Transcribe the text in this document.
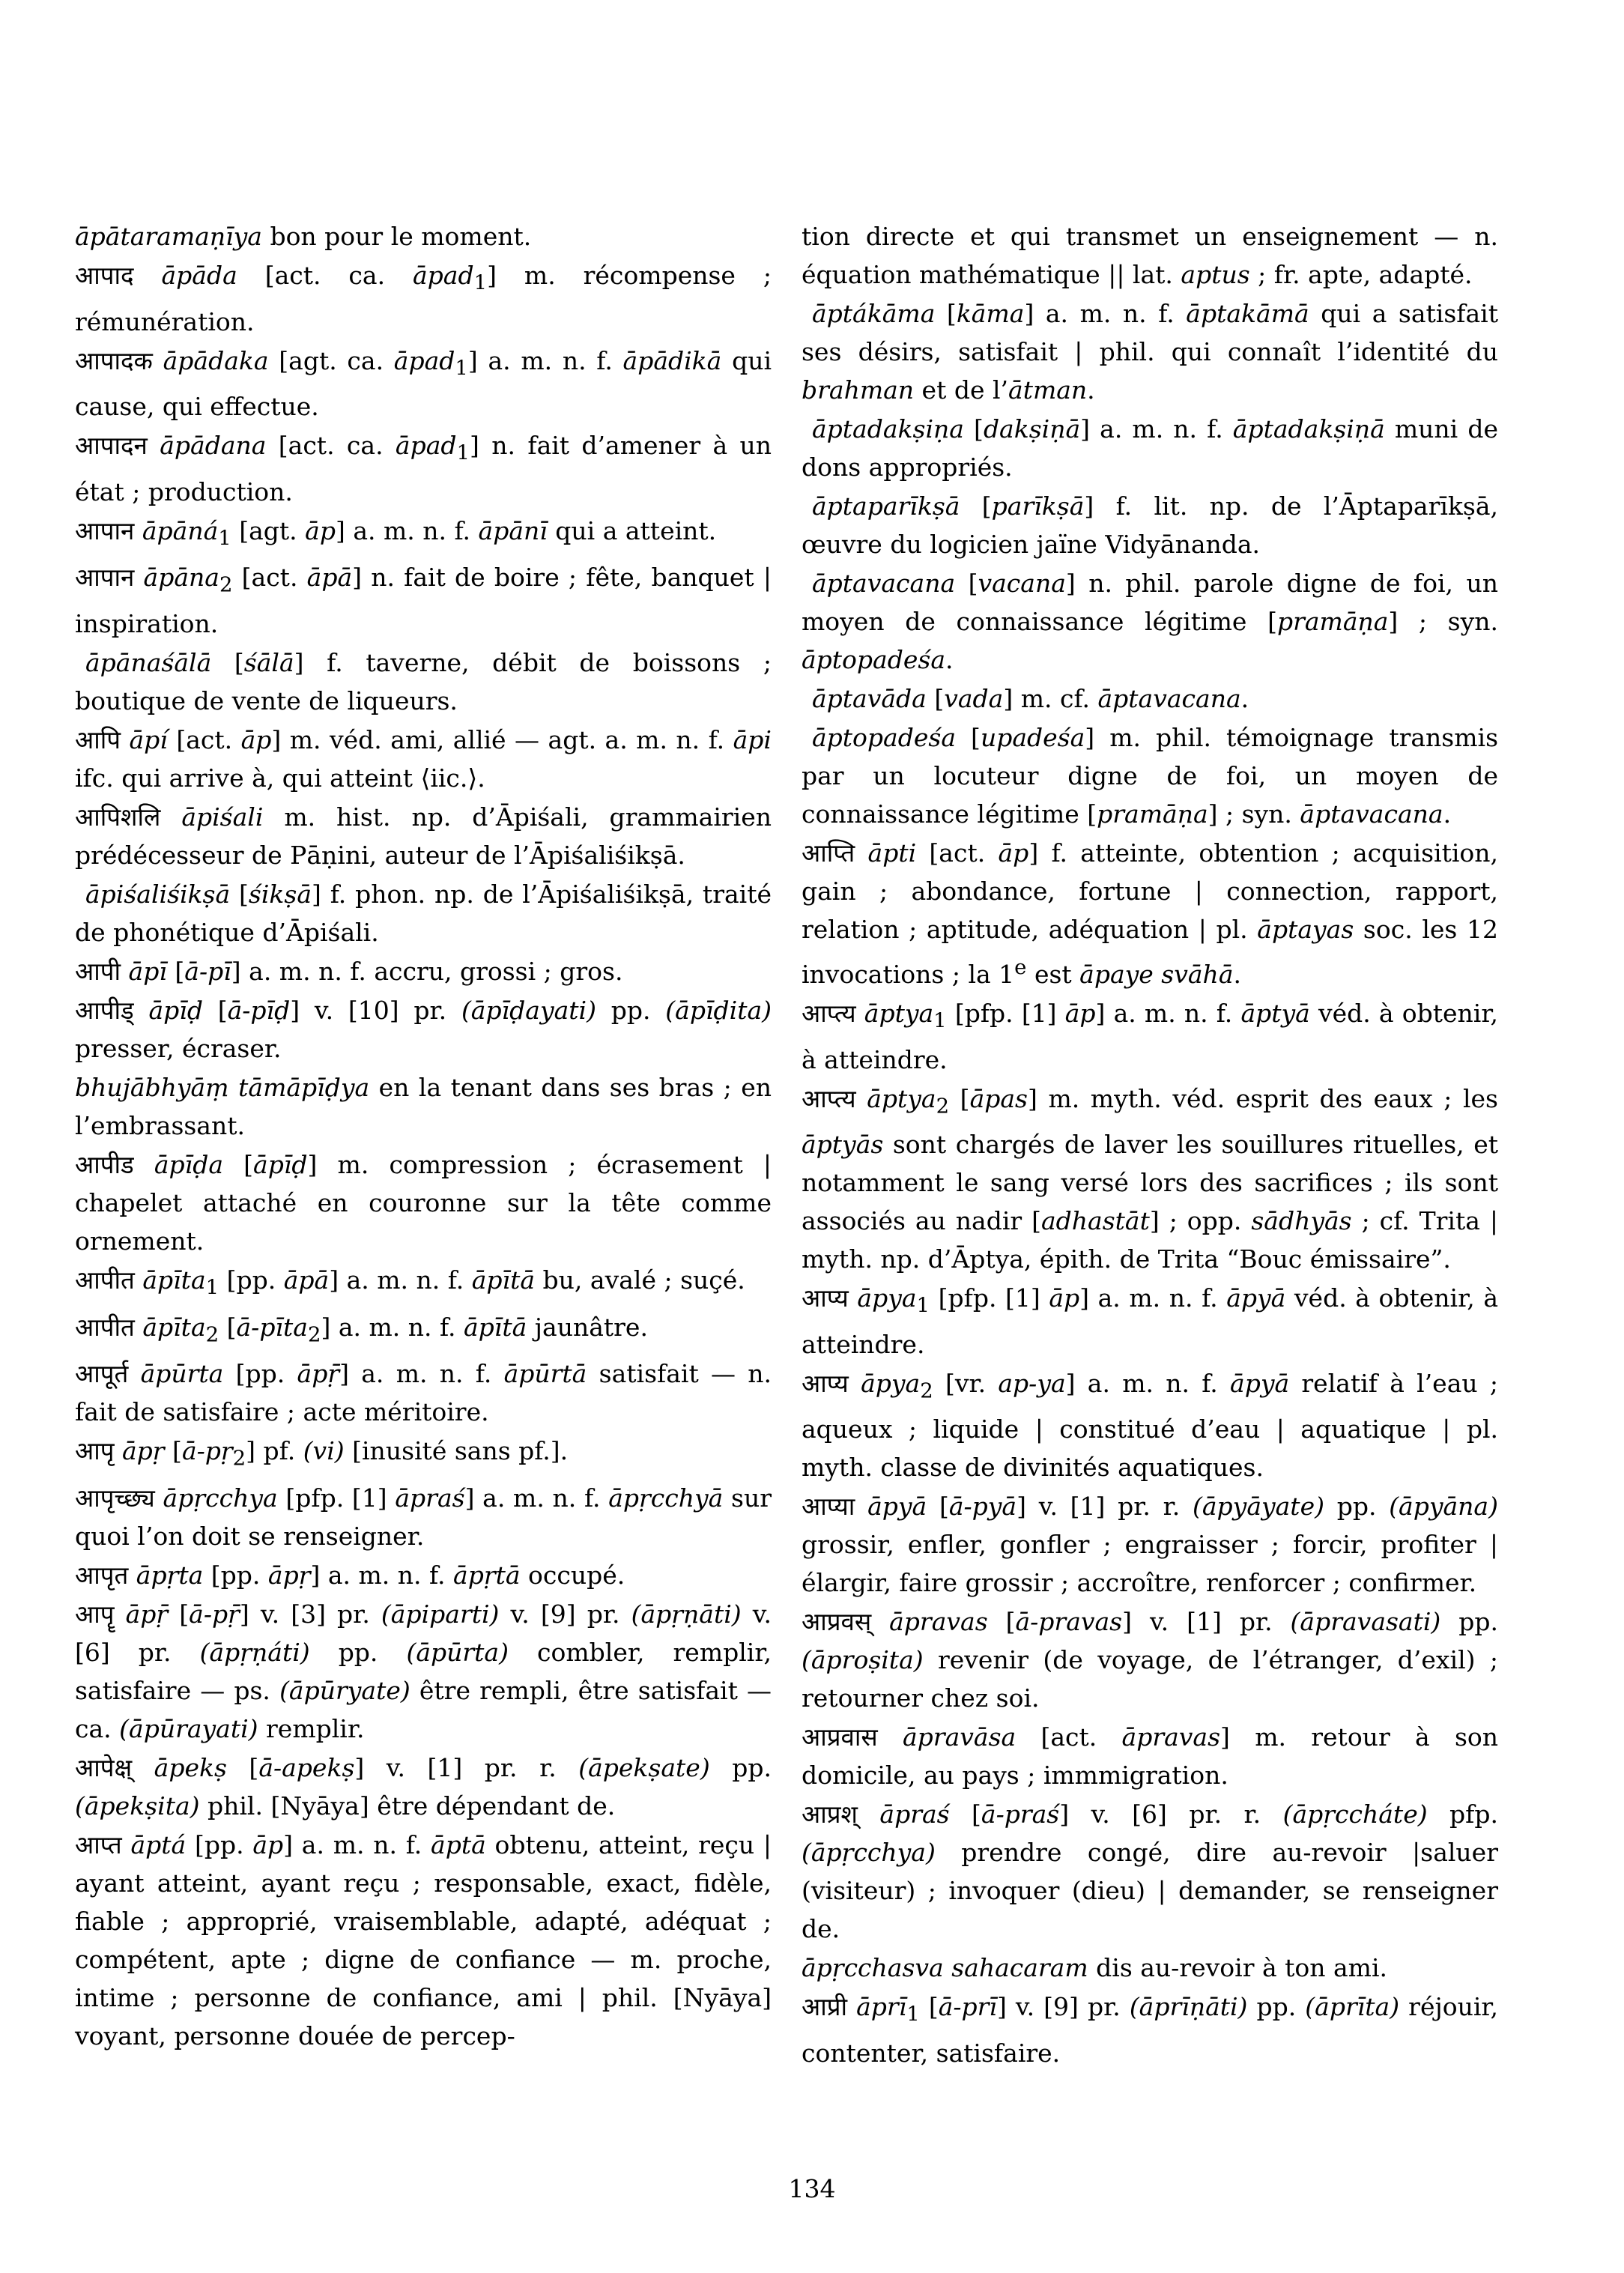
āpātaramaṇīya bon pour le moment.
आपाद āpāda [act. ca. āpad$_1$] m. récompense ; rémunération.
आपादक āpādaka [agt. ca. āpad$_1$] a. m. n. f. āpādikā qui cause, qui effectue.
आपादन āpādana [act. ca. āpad$_1$] n. fait d’amener à un état ; production.
आपान āpāná$_1$ [agt. āp] a. m. n. f. āpānī qui a atteint.
आपान āpāna$_2$ [act. āpā] n. fait de boire ; fête, banquet | inspiration.
āpānaśālā [śālā] f. taverne, débit de boissons ; boutique de vente de liqueurs.
आपि āpí [act. āp] m. véd. ami, allié — agt. a. m. n. f. āpi ifc. qui arrive à, qui atteint ⟨iic.⟩.
आपिशलि āpiśali m. hist. np. d’Āpiśali, grammairien prédécesseur de Pāṇini, auteur de l’Āpiśaliśikṣā.
āpiśaliśikṣā [śikṣā] f. phon. np. de l’Āpiśaliśikṣā, traité de phonétique d’Āpiśali.
आपी āpī [ā-pī] a. m. n. f. accru, grossi ; gros.
आपीड् āpīḍ [ā-pīḍ] v. [10] pr. (āpīḍayati) pp. (āpīḍita) presser, écraser.
bhujābhyāṃ tāmāpīḍya en la tenant dans ses bras ; en l’embrassant.
आपीड āpīḍa [āpīḍ] m. compression ; écrasement | chapelet attaché en couronne sur la tête comme ornement.
आपीत āpīta$_1$ [pp. āpā] a. m. n. f. āpītā bu, avalé ; suçé.
आपीत āpīta$_2$ [ā-pīta$_2$] a. m. n. f. āpītā jaunâtre.
आपूर्त āpūrta [pp. āpṝ] a. m. n. f. āpūrtā satisfait — n. fait de satisfaire ; acte méritoire.
आपृ āpṛ [ā-pṛ$_2$] pf. (vi) [inusité sans pf.].
आपृच्छ्य āpṛcchya [pfp. [1] āpraś] a. m. n. f. āpṛcchyā sur quoi l’on doit se renseigner.
आपृत āpṛta [pp. āpṛ] a. m. n. f. āpṛtā occupé.
आपॄ āpṝ [ā-pṝ] v. [3] pr. (āpiparti) v. [9] pr. (āpṛṇāti) v. [6] pr. (āpṛṇáti) pp. (āpūrta) combler, remplir, satisfaire — ps. (āpūryate) être rempli, être satisfait — ca. (āpūrayati) remplir.
आपेक्ष् āpekṣ [ā-apekṣ] v. [1] pr. r. (āpekṣate) pp. (āpekṣita) phil. [Nyāya] être dépendant de.
आप्त āptá [pp. āp] a. m. n. f. āptā obtenu, atteint, reçu | ayant atteint, ayant reçu ; responsable, exact, fidèle, fiable ; approprié, vraisemblable, adapté, adéquat ; compétent, apte ; digne de confiance — m. proche, intime ; personne de confiance, ami | phil. [Nyāya] voyant, personne douée de percep-
tion directe et qui transmet un enseignement — n. équation mathématique || lat. aptus ; fr. apte, adapté.
āptákāma [kāma] a. m. n. f. āptakāmā qui a satisfait ses désirs, satisfait | phil. qui connaît l’identité du brahman et de l’ātman.
āptadakṣiṇa [dakṣiṇā] a. m. n. f. āptadakṣiṇā muni de dons appropriés.
āptaparīkṣā [parīkṣā] f. lit. np. de l’Āptaparīkṣā, œuvre du logicien jaïne Vidyānanda.
āptavacana [vacana] n. phil. parole digne de foi, un moyen de connaissance légitime [pramāṇa] ; syn. āptopadeśa.
āptavāda [vada] m. cf. āptavacana.
āptopadeśa [upadeśa] m. phil. témoignage transmis par un locuteur digne de foi, un moyen de connaissance légitime [pramāṇa] ; syn. āptavacana.
आप्ति āpti [act. āp] f. atteinte, obtention ; acquisition, gain ; abondance, fortune | connection, rapport, relation ; aptitude, adéquation | pl. āptayas soc. les 12 invocations ; la 1e est āpaye svāhā.
आप्त्य āptya$_1$ [pfp. [1] āp] a. m. n. f. āptyā véd. à obtenir, à atteindre.
आप्त्य āptya$_2$ [āpas] m. myth. véd. esprit des eaux ; les āptyās sont chargés de laver les souillures rituelles, et notamment le sang versé lors des sacrifices ; ils sont associés au nadir [adhastāt] ; opp. sādhyās ; cf. Trita | myth. np. d’Āptya, épith. de Trita “Bouc émissaire”.
आप्य āpya$_1$ [pfp. [1] āp] a. m. n. f. āpyā véd. à obtenir, à atteindre.
आप्य āpya$_2$ [vr. ap-ya] a. m. n. f. āpyā relatif à l’eau ; aqueux ; liquide | constitué d’eau | aquatique | pl. myth. classe de divinités aquatiques.
आप्या āpyā [ā-pyā] v. [1] pr. r. (āpyāyate) pp. (āpyāna) grossir, enfler, gonfler ; engraisser ; forcir, profiter | élargir, faire grossir ; accroître, renforcer ; confirmer.
आप्रवस् āpravas [ā-pravas] v. [1] pr. (āpravasati) pp. (āproṣita) revenir (de voyage, de l’étranger, d’exil) ; retourner chez soi.
आप्रवास āpravāsa [act. āpravas] m. retour à son domicile, au pays ; immmigration.
आप्रश् āpraś [ā-praś] v. [6] pr. r. (āpṛccháte) pfp. (āpṛcchya) prendre congé, dire au-revoir |saluer (visiteur) ; invoquer (dieu) | demander, se renseigner de.
āpṛcchasva sahacaram dis au-revoir à ton ami.
आप्री āprī$_1$ [ā-prī] v. [9] pr. (āprīṇāti) pp. (āprīta) réjouir, contenter, satisfaire.
134
